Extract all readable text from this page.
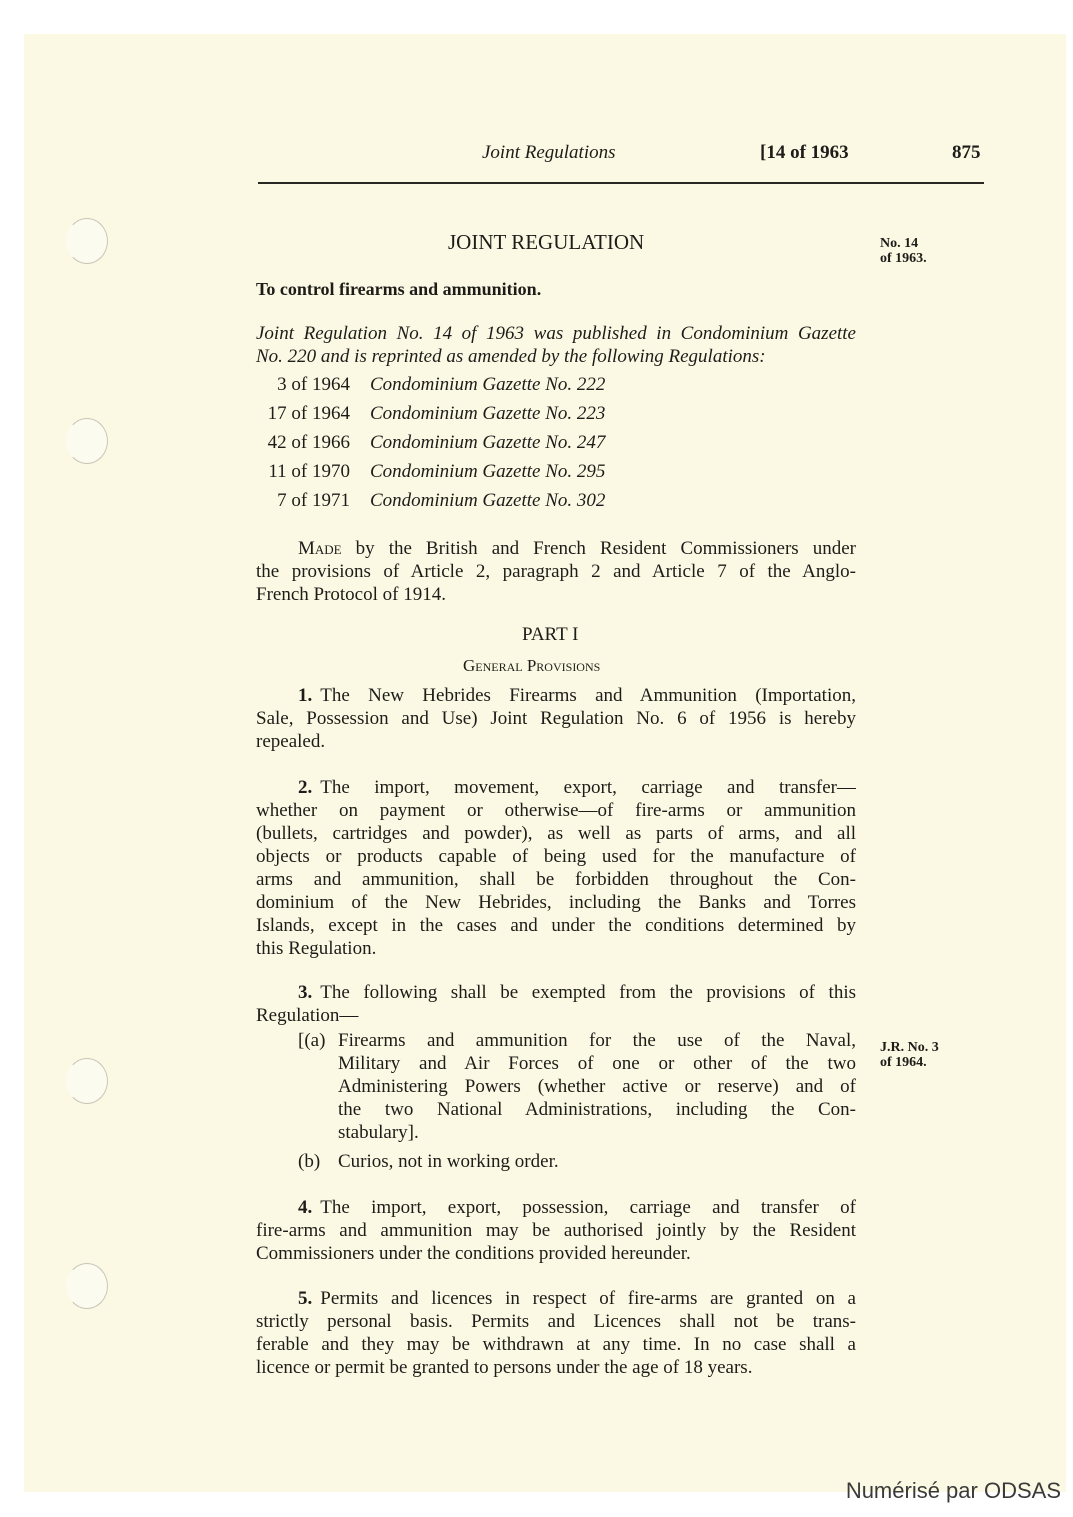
Joint Regulations	[14 of 1963	875
JOINT REGULATION	No. 14
of 1963.
To control firearms and ammunition.
Joint Regulation No. 14 of 1963 was published in Condominium Gazette
No. 220 and is reprinted as amended by the following Regulations:
3 of 1964 Condominium Gazette No. 222
17 of 1964 Condominium Gazette No. 223
42 of 1966 Condominium Gazette No. 247
11 of 1970 Condominium Gazette No. 295
7 of 1971 Condominium Gazette No. 302
Made by the British and French Resident Commissioners under
the provisions of Article 2, paragraph 2 and Article 7 of the Anglo-
French Protocol of 1914.
PART I
General Provisions
1. The New Hebrides Firearms and Ammunition (Importation,
Sale, Possession and Use) Joint Regulation No. 6 of 1956 is hereby
repealed.
2. The import, movement, export, carriage and transfer—
whether on payment or otherwise—of fire-arms or ammunition
(bullets, cartridges and powder), as well as parts of arms, and all
objects or products capable of being used for the manufacture of
arms and ammunition, shall be forbidden throughout the Con-
dominium of the New Hebrides, including the Banks and Torres
Islands, except in the cases and under the conditions determined by
this Regulation.
3. The following shall be exempted from the provisions of this
Regulation—
4. The import, export, possession, carriage and transfer of
fire-arms and ammunition may be authorised jointly by the Resident
Commissioners under the conditions provided hereunder.
5. Permits and licences in respect of fire-arms are granted on a
strictly personal basis. Permits and Licences shall not be trans-
ferable and they may be withdrawn at any time. In no case shall a
licence or permit be granted to persons under the age of 18 years.
[(a) Firearms and ammunition for the use of the Naval,
Military and Air Forces of one or other of the two
Administering Powers (whether active or reserve) and of
the two National Administrations, including the Con-
stabulary].
(b) Curios, not in working order.
J.R. No. 3
of 1964.
Numérisé par ODSAS
